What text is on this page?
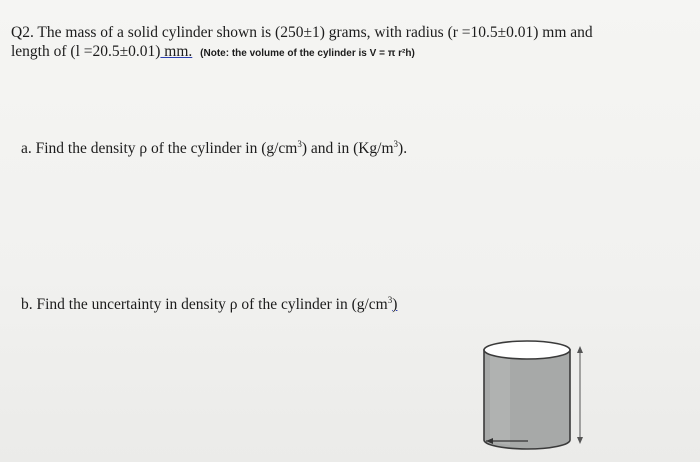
Q2. The mass of a solid cylinder shown is (250±1) grams, with radius (r =10.5±0.01) mm and
length of (l =20.5±0.01) mm. (Note: the volume of the cylinder is V = π r²h)
a. Find the density ρ of the cylinder in $(g/cm^3)$ and in $(Kg/m^3)$.
b. Find the uncertainty in density ρ of the cylinder in $(g/cm^3)$
